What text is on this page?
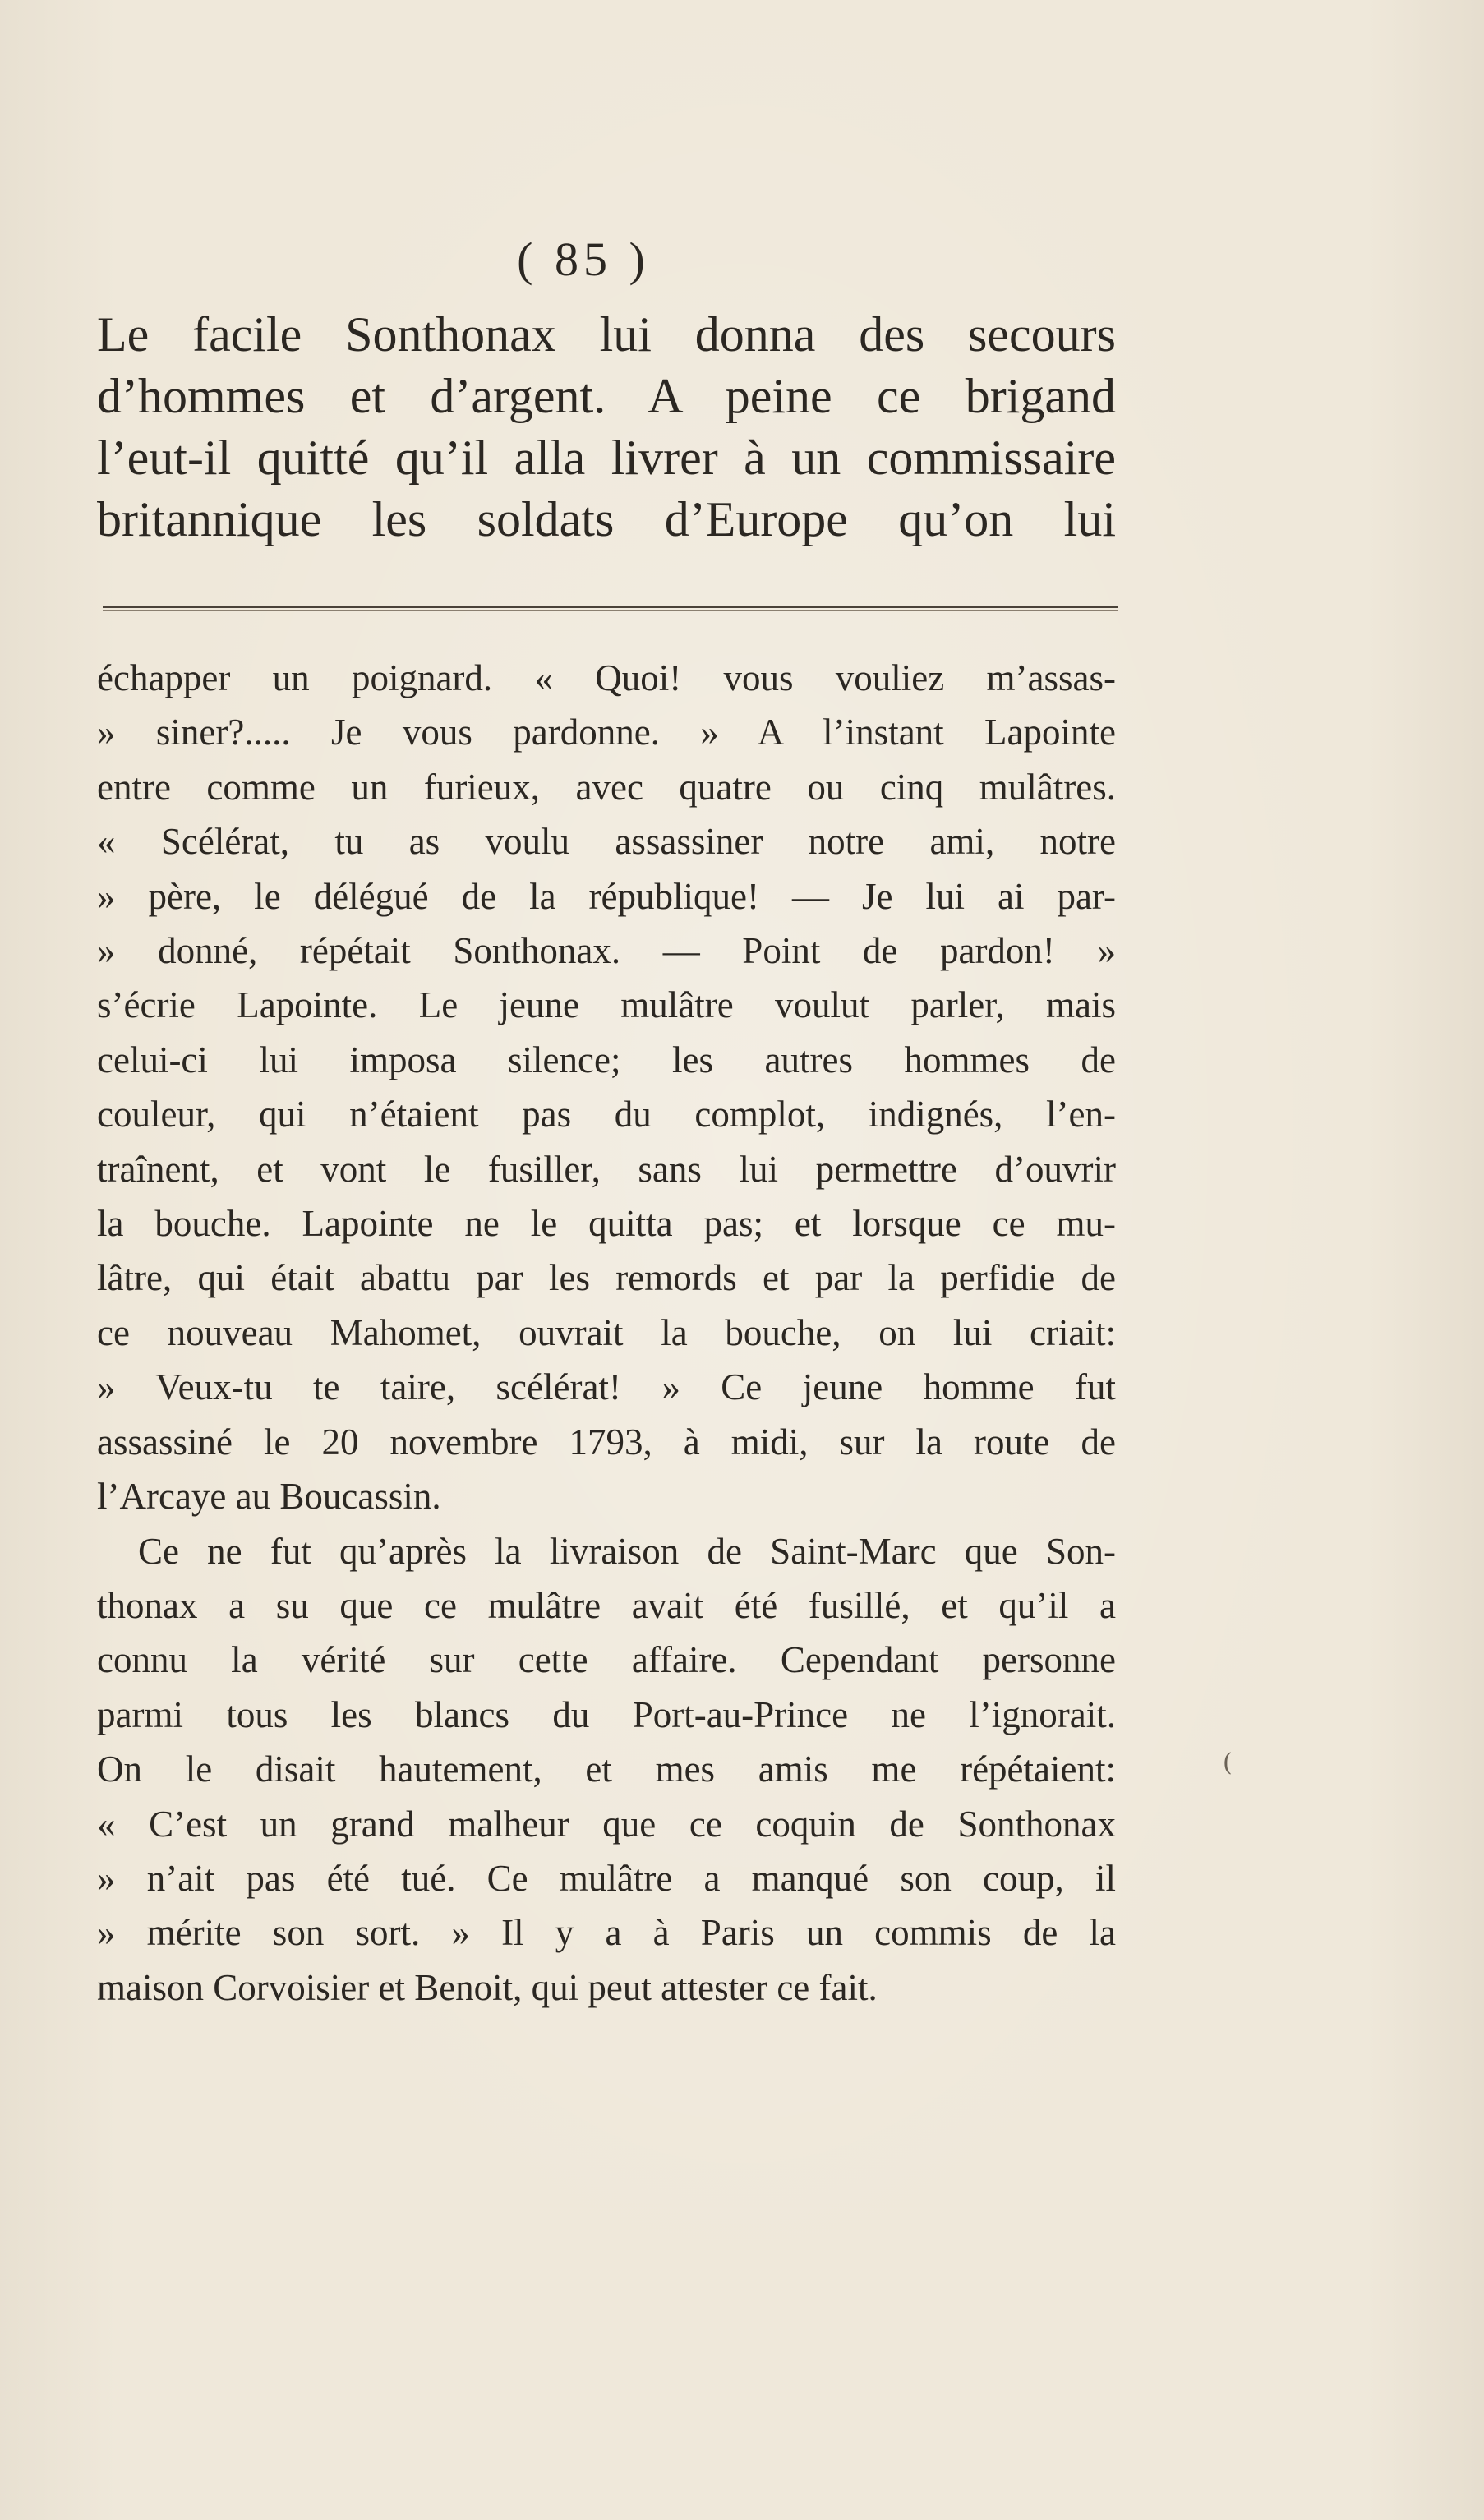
( 85 )
Le facile Sonthonax lui donna des secours
d’hommes et d’argent. A peine ce brigand
l’eut-il quitté qu’il alla livrer à un commissaire
britannique les soldats d’Europe qu’on lui
échapper un poignard. « Quoi! vous vouliez m’assas-
» siner?..... Je vous pardonne. » A l’instant Lapointe
entre comme un furieux, avec quatre ou cinq mulâtres.
« Scélérat, tu as voulu assassiner notre ami, notre
» père, le délégué de la république! — Je lui ai par-
» donné, répétait Sonthonax. — Point de pardon! »
s’écrie Lapointe. Le jeune mulâtre voulut parler, mais
celui-ci lui imposa silence; les autres hommes de
couleur, qui n’étaient pas du complot, indignés, l’en-
traînent, et vont le fusiller, sans lui permettre d’ouvrir
la bouche. Lapointe ne le quitta pas; et lorsque ce mu-
lâtre, qui était abattu par les remords et par la perfidie de
ce nouveau Mahomet, ouvrait la bouche, on lui criait:
» Veux-tu te taire, scélérat! » Ce jeune homme fut
assassiné le 20 novembre 1793, à midi, sur la route de
l’Arcaye au Boucassin.
Ce ne fut qu’après la livraison de Saint-Marc que Son-
thonax a su que ce mulâtre avait été fusillé, et qu’il a
connu la vérité sur cette affaire. Cependant personne
parmi tous les blancs du Port-au-Prince ne l’ignorait.
On le disait hautement, et mes amis me répétaient:
« C’est un grand malheur que ce coquin de Sonthonax
» n’ait pas été tué. Ce mulâtre a manqué son coup, il
» mérite son sort. » Il y a à Paris un commis de la
maison Corvoisier et Benoit, qui peut attester ce fait.
(
